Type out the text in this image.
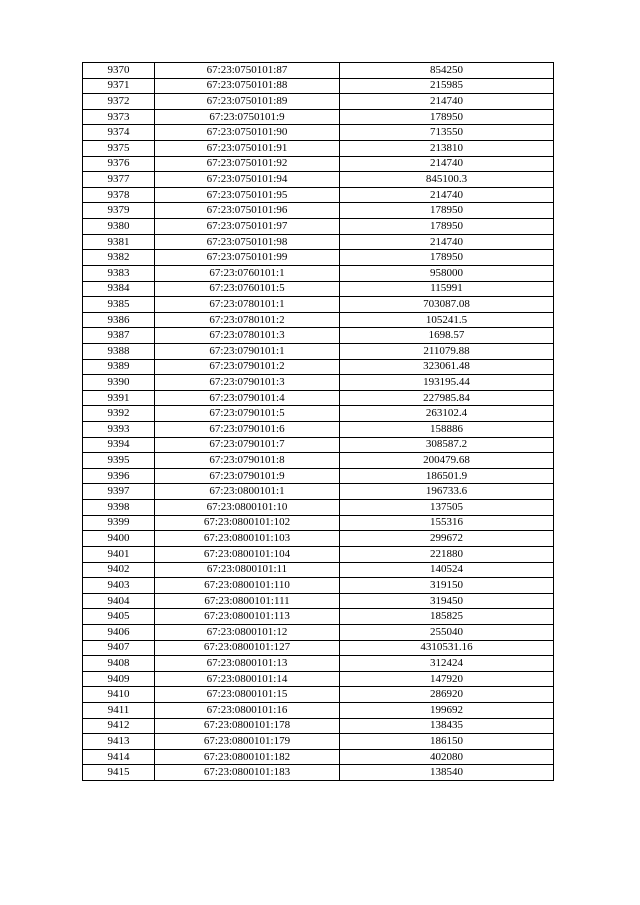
9370	67:23:0750101:87	854250
9371	67:23:0750101:88	215985
9372	67:23:0750101:89	214740
9373	67:23:0750101:9	178950
9374	67:23:0750101:90	713550
9375	67:23:0750101:91	213810
9376	67:23:0750101:92	214740
9377	67:23:0750101:94	845100.3
9378	67:23:0750101:95	214740
9379	67:23:0750101:96	178950
9380	67:23:0750101:97	178950
9381	67:23:0750101:98	214740
9382	67:23:0750101:99	178950
9383	67:23:0760101:1	958000
9384	67:23:0760101:5	115991
9385	67:23:0780101:1	703087.08
9386	67:23:0780101:2	105241.5
9387	67:23:0780101:3	1698.57
9388	67:23:0790101:1	211079.88
9389	67:23:0790101:2	323061.48
9390	67:23:0790101:3	193195.44
9391	67:23:0790101:4	227985.84
9392	67:23:0790101:5	263102.4
9393	67:23:0790101:6	158886
9394	67:23:0790101:7	308587.2
9395	67:23:0790101:8	200479.68
9396	67:23:0790101:9	186501.9
9397	67:23:0800101:1	196733.6
9398	67:23:0800101:10	137505
9399	67:23:0800101:102	155316
9400	67:23:0800101:103	299672
9401	67:23:0800101:104	221880
9402	67:23:0800101:11	140524
9403	67:23:0800101:110	319150
9404	67:23:0800101:111	319450
9405	67:23:0800101:113	185825
9406	67:23:0800101:12	255040
9407	67:23:0800101:127	4310531.16
9408	67:23:0800101:13	312424
9409	67:23:0800101:14	147920
9410	67:23:0800101:15	286920
9411	67:23:0800101:16	199692
9412	67:23:0800101:178	138435
9413	67:23:0800101:179	186150
9414	67:23:0800101:182	402080
9415	67:23:0800101:183	138540
